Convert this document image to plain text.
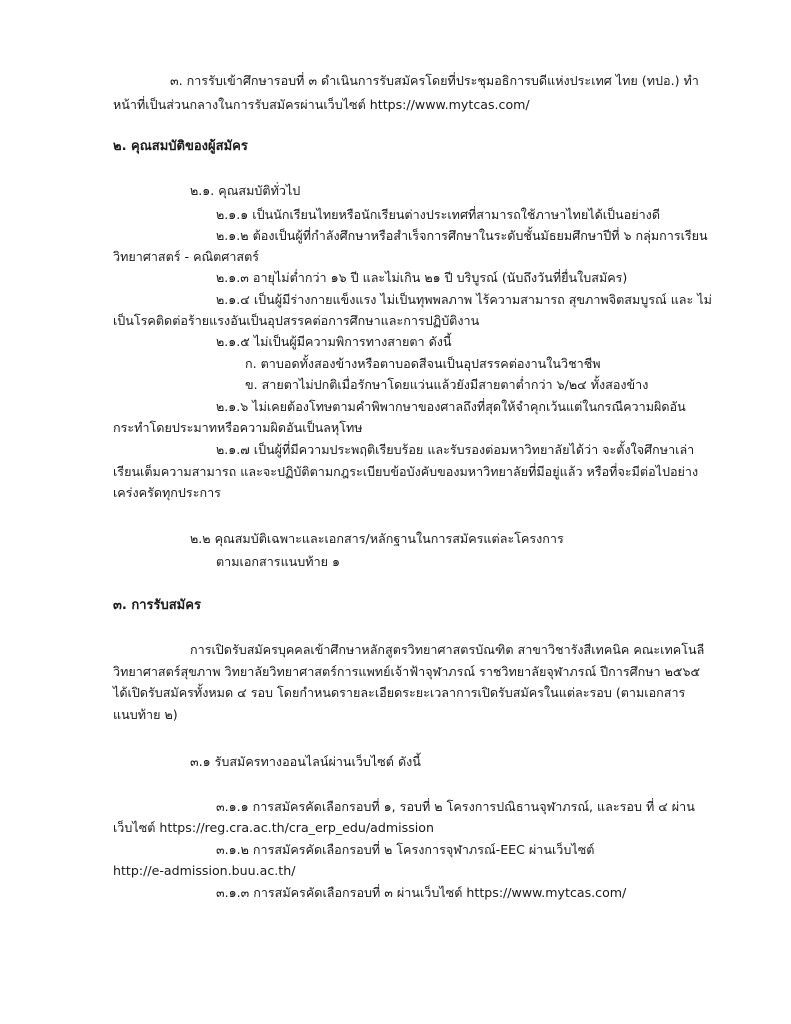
๓. การรับเข้าศึกษารอบที่ ๓ ดำเนินการรับสมัครโดยที่ประชุมอธิการบดีแห่งประเทศ ไทย (ทปอ.) ทำ
หน้าที่เป็นส่วนกลางในการรับสมัครผ่านเว็บไซต์ https://www.mytcas.com/
๒. คุณสมบัติของผู้สมัคร
๒.๑. คุณสมบัติทั่วไป
๒.๑.๑ เป็นนักเรียนไทยหรือนักเรียนต่างประเทศที่สามารถใช้ภาษาไทยได้เป็นอย่างดี
๒.๑.๒ ต้องเป็นผู้ที่กำลังศึกษาหรือสำเร็จการศึกษาในระดับชั้นมัธยมศึกษาปีที่ ๖ กลุ่มการเรียน
วิทยาศาสตร์ - คณิตศาสตร์
๒.๑.๓ อายุไม่ต่ำกว่า ๑๖ ปี และไม่เกิน ๒๑ ปี บริบูรณ์ (นับถึงวันที่ยื่นใบสมัคร)
๒.๑.๔ เป็นผู้มีร่างกายแข็งแรง ไม่เป็นทุพพลภาพ ไร้ความสามารถ สุขภาพจิตสมบูรณ์ และ ไม่
เป็นโรคติดต่อร้ายแรงอันเป็นอุปสรรคต่อการศึกษาและการปฏิบัติงาน
๒.๑.๕ ไม่เป็นผู้มีความพิการทางสายตา ดังนี้
ก. ตาบอดทั้งสองข้างหรือตาบอดสีจนเป็นอุปสรรคต่องานในวิชาชีพ
ข. สายตาไม่ปกติเมื่อรักษาโดยแว่นแล้วยังมีสายตาต่ำกว่า ๖/๒๔ ทั้งสองข้าง
๒.๑.๖ ไม่เคยต้องโทษตามคำพิพากษาของศาลถึงที่สุดให้จำคุกเว้นแต่ในกรณีความผิดอัน
กระทำโดยประมาทหรือความผิดอันเป็นลหุโทษ
๒.๑.๗ เป็นผู้ที่มีความประพฤติเรียบร้อย และรับรองต่อมหาวิทยาลัยได้ว่า จะตั้งใจศึกษาเล่า
เรียนเต็มความสามารถ และจะปฏิบัติตามกฎระเบียบข้อบังคับของมหาวิทยาลัยที่มีอยู่แล้ว หรือที่จะมีต่อไปอย่าง
เคร่งครัดทุกประการ
๒.๒ คุณสมบัติเฉพาะและเอกสาร/หลักฐานในการสมัครแต่ละโครงการ
ตามเอกสารแนบท้าย ๑
๓. การรับสมัคร
การเปิดรับสมัครบุคคลเข้าศึกษาหลักสูตรวิทยาศาสตรบัณฑิต สาขาวิชารังสีเทคนิค คณะเทคโนลี
วิทยาศาสตร์สุขภาพ วิทยาลัยวิทยาศาสตร์การแพทย์เจ้าฟ้าจุฬาภรณ์ ราชวิทยาลัยจุฬาภรณ์ ปีการศึกษา ๒๕๖๕
ได้เปิดรับสมัครทั้งหมด ๔ รอบ โดยกำหนดรายละเอียดระยะเวลาการเปิดรับสมัครในแต่ละรอบ (ตามเอกสาร
แนบท้าย ๒)
๓.๑ รับสมัครทางออนไลน์ผ่านเว็บไซต์ ดังนี้
๓.๑.๑ การสมัครคัดเลือกรอบที่ ๑, รอบที่ ๒ โครงการปณิธานจุฬาภรณ์, และรอบ ที่ ๔ ผ่าน
เว็บไซต์ https://reg.cra.ac.th/cra_erp_edu/admission
๓.๑.๒ การสมัครคัดเลือกรอบที่ ๒ โครงการจุฬาภรณ์-EEC ผ่านเว็บไซต์
http://e-admission.buu.ac.th/
๓.๑.๓ การสมัครคัดเลือกรอบที่ ๓ ผ่านเว็บไซต์ https://www.mytcas.com/
